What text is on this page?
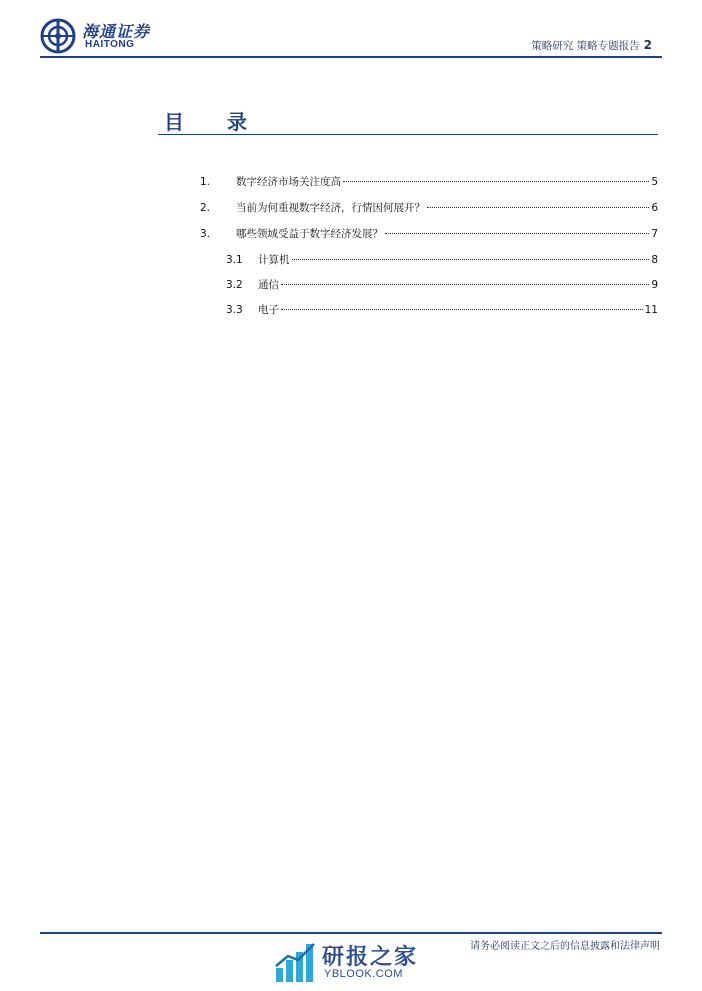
海通证券
HAITONG	策略研究 策略专题报告 2
目 录
1.	数字经济市场关注度高	5
2.	当前为何重视数字经济，行情因何展开？	6
3.	哪些领域受益于数字经济发展？	7
3.1	计算机	8
3.2	通信	9
3.3	电子	11
研报之家
YBLOOK.COM
请务必阅读正文之后的信息披露和法律声明
